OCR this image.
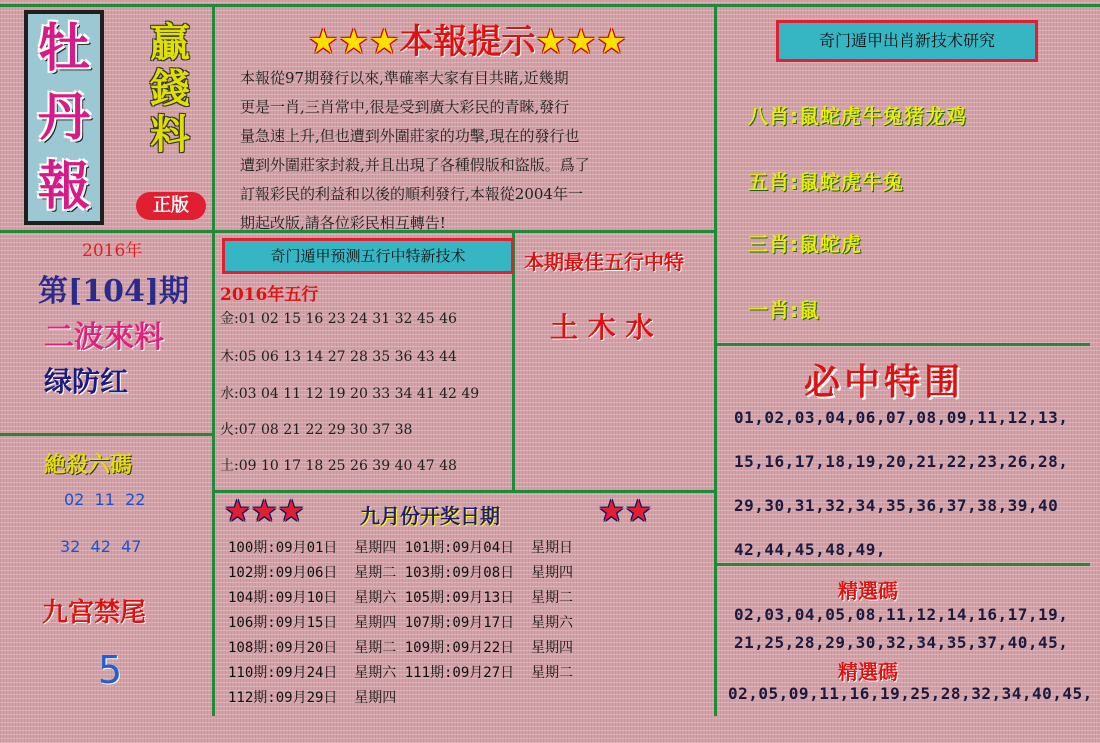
牡
丹
報
贏
錢
料
正版
★★★本報提示★★★
本報從97期發行以來,準確率大家有目共睹,近幾期
更是一肖,三肖常中,很是受到廣大彩民的青睞,發行
量急速上升,但也遭到外圍莊家的功擊,現在的發行也
遭到外圍莊家封殺,并且出現了各種假版和盜版。爲了
訂報彩民的利益和以後的順利發行,本報從2004年一
期起改版,請各位彩民相互轉告!
奇门遁甲出肖新技术研究
八肖:鼠蛇虎牛兔猪龙鸡
五肖:鼠蛇虎牛兔
三肖:鼠蛇虎
一肖:鼠
2016年
第[104]期
二波來料
绿防红
絶殺六碼
02  11  22
32  42  47
九宫禁尾
5
奇门遁甲预测五行中特新技术
2016年五行
金:01 02 15 16 23 24 31 32 45 46
木:05 06 13 14 27 28 35 36 43 44
水:03 04 11 12 19 20 33 34 41 42 49
火:07 08 21 22 29 30 37 38
土:09 10 17 18 25 26 39 40 47 48
本期最佳五行中特
土 木 水
★★★	九月份开奖日期	★★
100期:09月01日  星期四 101期:09月04日  星期日
102期:09月06日  星期二 103期:09月08日  星期四
104期:09月10日  星期六 105期:09月13日  星期二
106期:09月15日  星期四 107期:09月17日  星期六
108期:09月20日  星期二 109期:09月22日  星期四
110期:09月24日  星期六 111期:09月27日  星期二
112期:09月29日  星期四
必中特围
01,02,03,04,06,07,08,09,11,12,13,
15,16,17,18,19,20,21,22,23,26,28,
29,30,31,32,34,35,36,37,38,39,40
42,44,45,48,49,
精選碼
02,03,04,05,08,11,12,14,16,17,19,
21,25,28,29,30,32,34,35,37,40,45,
精選碼
02,05,09,11,16,19,25,28,32,34,40,45,
